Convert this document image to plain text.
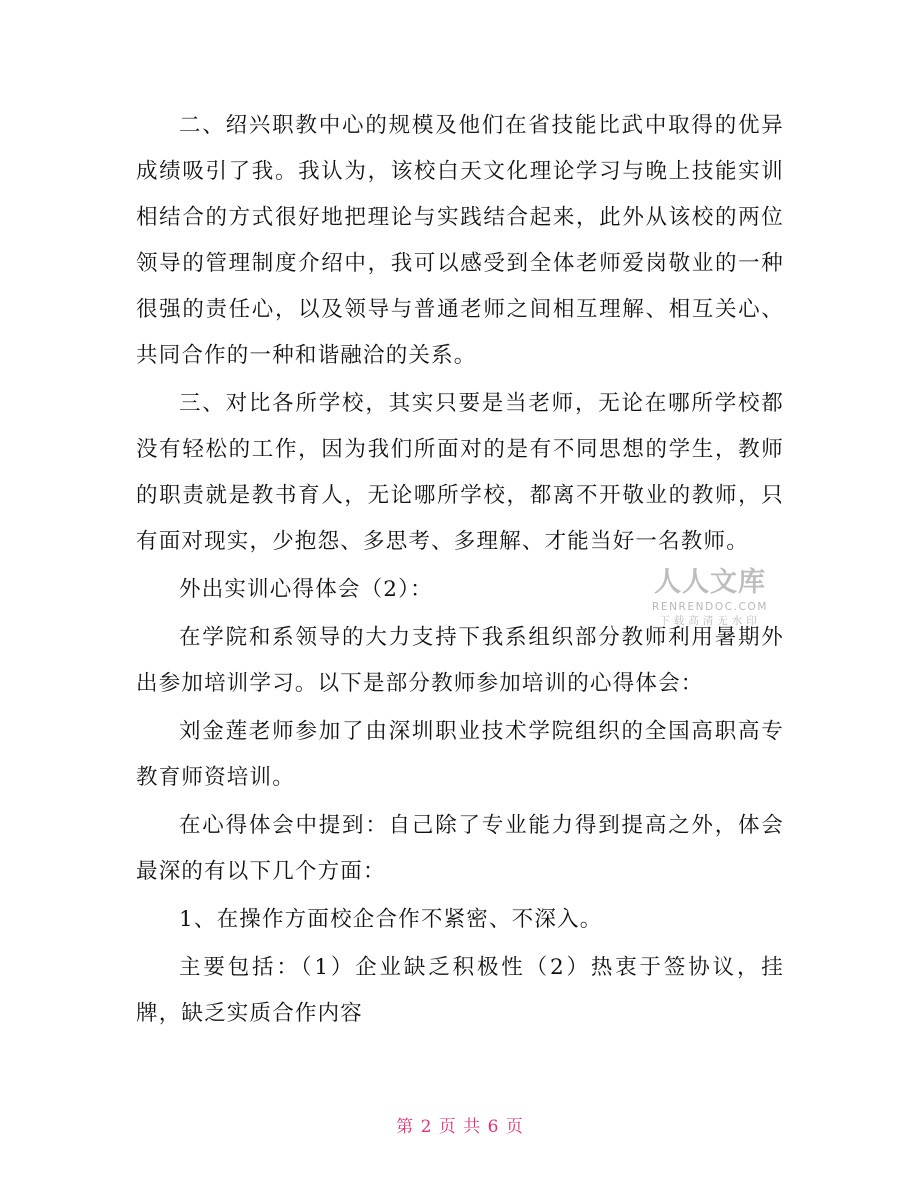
二、绍兴职教中心的规模及他们在省技能比武中取得的优异成绩吸引了我。我认为，该校白天文化理论学习与晚上技能实训相结合的方式很好地把理论与实践结合起来，此外从该校的两位领导的管理制度介绍中，我可以感受到全体老师爱岗敬业的一种很强的责任心，以及领导与普通老师之间相互理解、相互关心、共同合作的一种和谐融洽的关系。

三、对比各所学校，其实只要是当老师，无论在哪所学校都没有轻松的工作，因为我们所面对的是有不同思想的学生，教师的职责就是教书育人，无论哪所学校，都离不开敬业的教师，只有面对现实，少抱怨、多思考、多理解、才能当好一名教师。

外出实训心得体会（2）：

在学院和系领导的大力支持下我系组织部分教师利用暑期外出参加培训学习。以下是部分教师参加培训的心得体会：

刘金莲老师参加了由深圳职业技术学院组织的全国高职高专教育师资培训。

在心得体会中提到：自己除了专业能力得到提高之外，体会最深的有以下几个方面：

1、在操作方面校企合作不紧密、不深入。

主要包括：（1）企业缺乏积极性（2）热衷于签协议，挂牌，缺乏实质合作内容

人人文库
RENRENDOC.COM
下载高清无水印
第 2 页 共 6 页
